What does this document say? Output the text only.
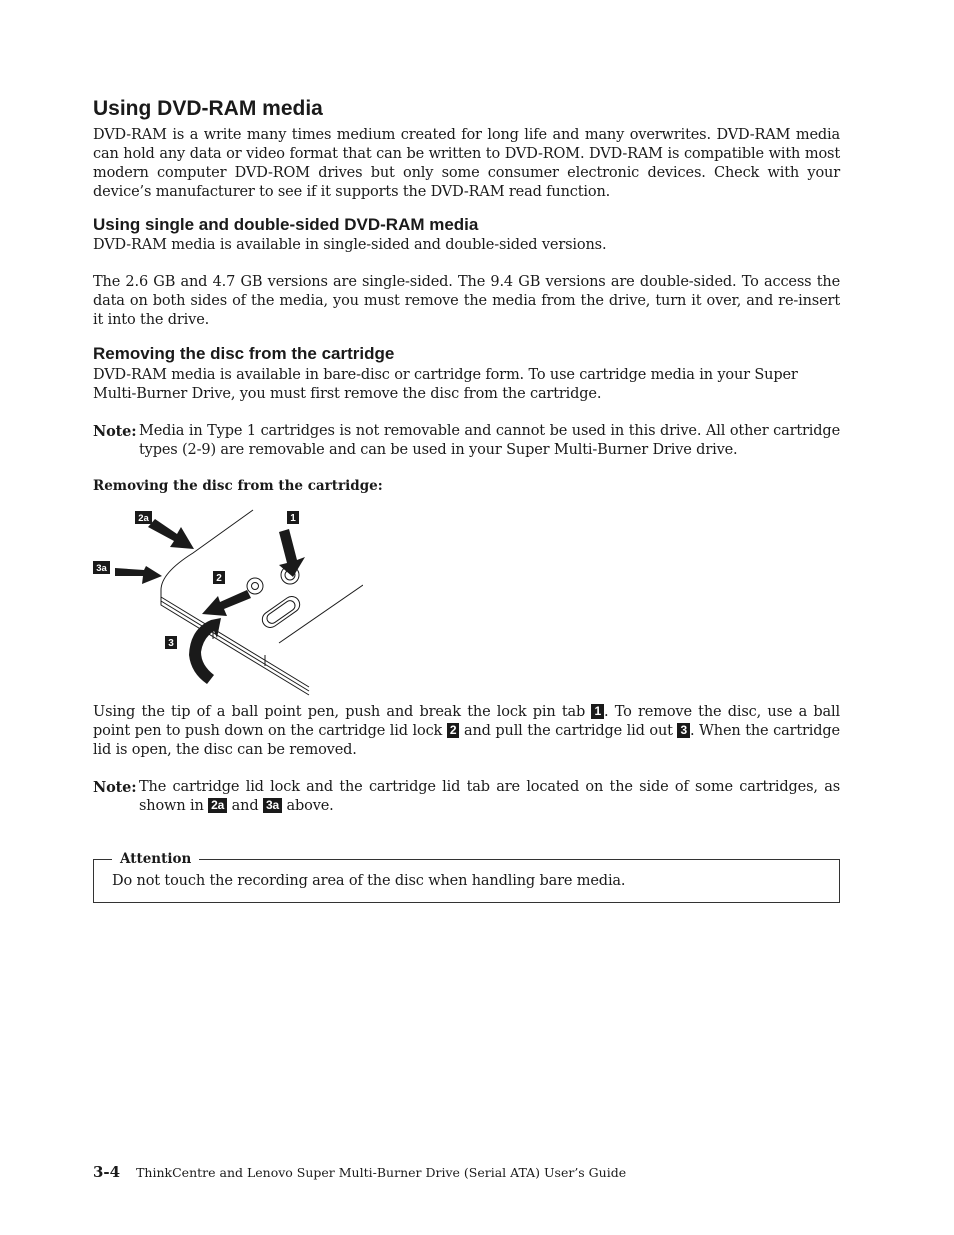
Using DVD-RAM media

DVD-RAM is a write many times medium created for long life and many overwrites. DVD-RAM media can hold any data or video format that can be written to DVD-ROM. DVD-RAM is compatible with most modern computer DVD-ROM drives but only some consumer electronic devices. Check with your device’s manufacturer to see if it supports the DVD-RAM read function.

Using single and double-sided DVD-RAM media

DVD-RAM media is available in single-sided and double-sided versions.

The 2.6 GB and 4.7 GB versions are single-sided. The 9.4 GB versions are double-sided. To access the data on both sides of the media, you must remove the media from the drive, turn it over, and re-insert it into the drive.

Removing the disc from the cartridge

DVD-RAM media is available in bare-disc or cartridge form. To use cartridge media in your Super Multi-Burner Drive, you must first remove the disc from the cartridge.

Note: Media in Type 1 cartridges is not removable and cannot be used in this drive. All other cartridge types (2-9) are removable and can be used in your Super Multi-Burner Drive drive.
Removing the disc from the cartridge:
2a	1
3a
2
3

Using the tip of a ball point pen, push and break the lock pin tab 1 . To remove the disc, use a ball point pen to push down on the cartridge lid lock 2 and pull the cartridge lid out 3 . When the cartridge lid is open, the disc can be removed.

Note: The cartridge lid lock and the cartridge lid tab are located on the side of some cartridges, as shown in 2a and 3a above.
Attention
Do not touch the recording area of the disc when handling bare media.
3-4 ThinkCentre and Lenovo Super Multi-Burner Drive (Serial ATA) User’s Guide
